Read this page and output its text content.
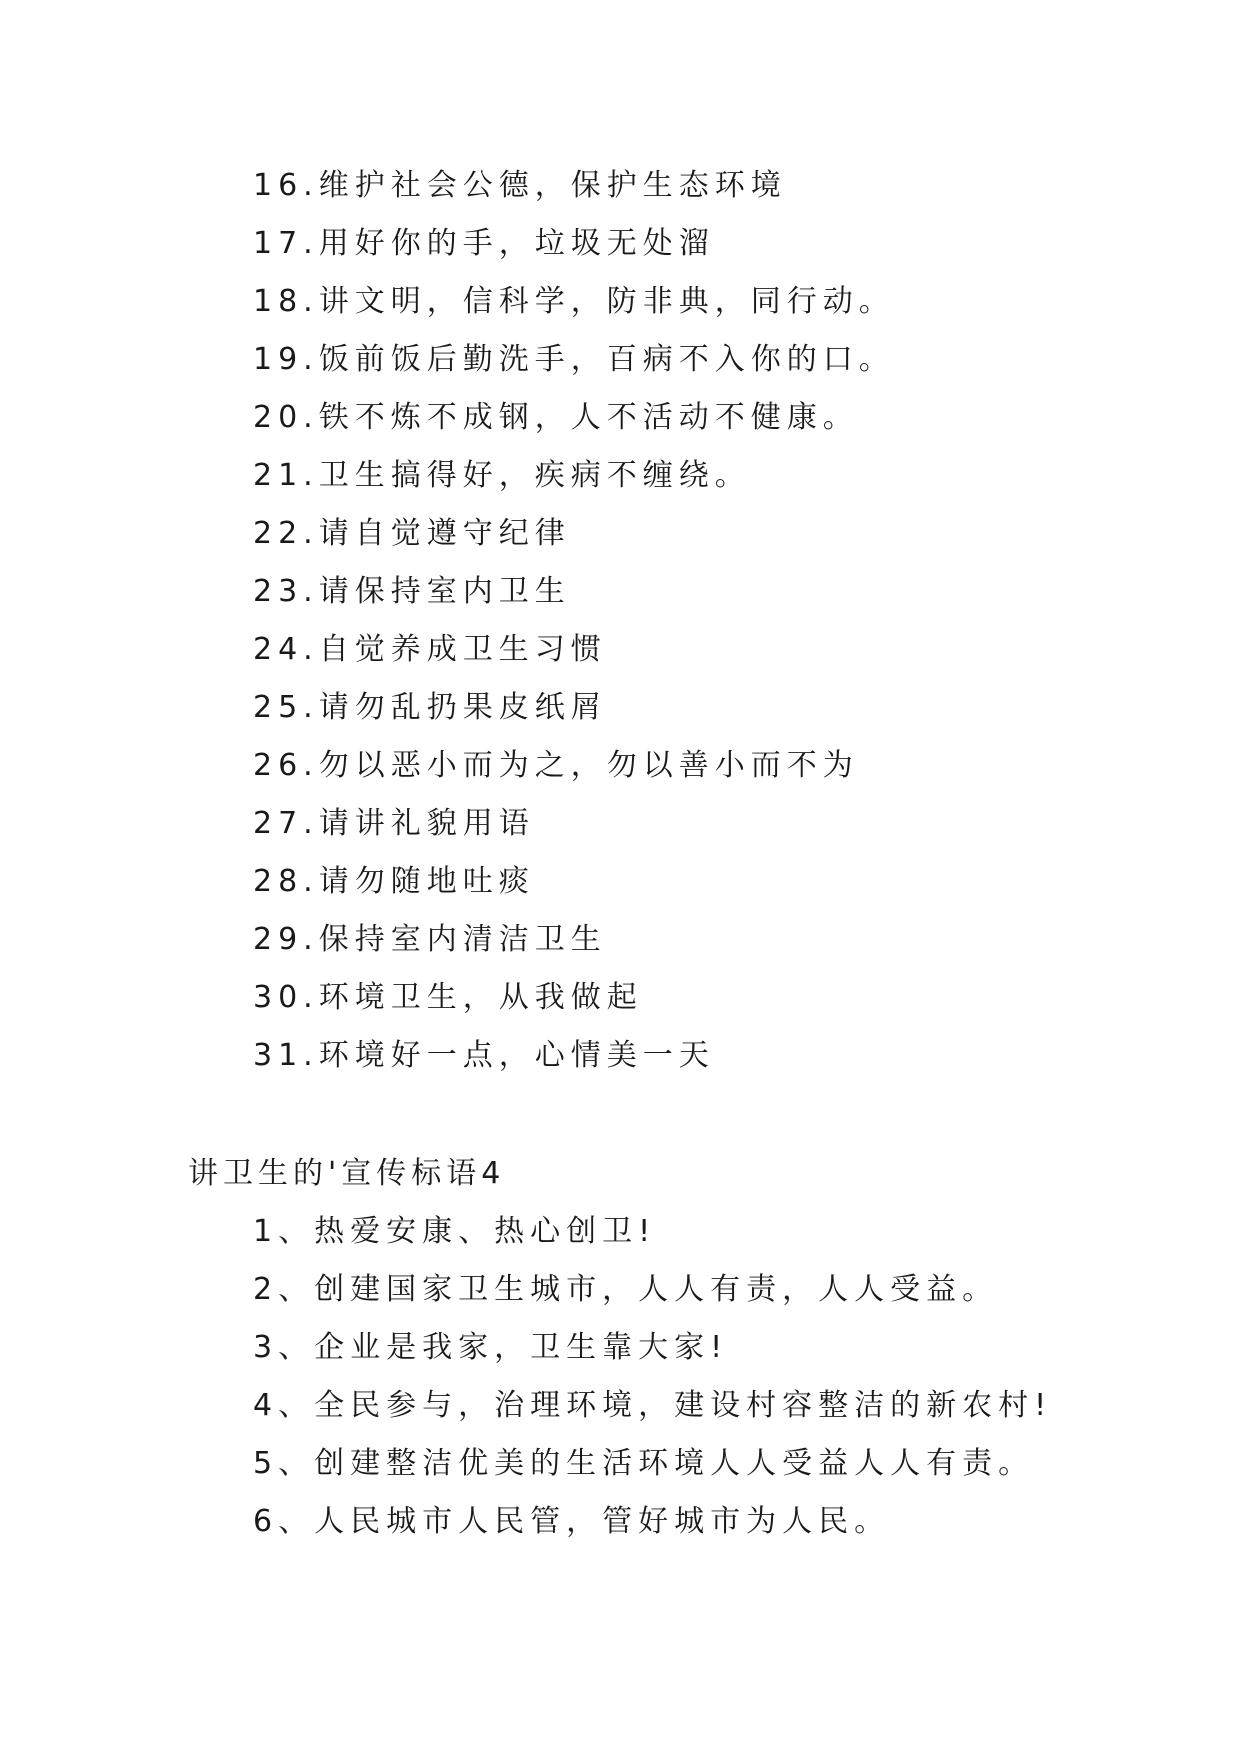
16.维护社会公德，保护生态环境
17.用好你的手，垃圾无处溜
18.讲文明，信科学，防非典，同行动。
19.饭前饭后勤洗手，百病不入你的口。
20.铁不炼不成钢，人不活动不健康。
21.卫生搞得好，疾病不缠绕。
22.请自觉遵守纪律
23.请保持室内卫生
24.自觉养成卫生习惯
25.请勿乱扔果皮纸屑
26.勿以恶小而为之，勿以善小而不为
27.请讲礼貌用语
28.请勿随地吐痰
29.保持室内清洁卫生
30.环境卫生，从我做起
31.环境好一点，心情美一天
讲卫生的'宣传标语4
1、热爱安康、热心创卫!
2、创建国家卫生城市，人人有责，人人受益。
3、企业是我家，卫生靠大家!
4、全民参与，治理环境，建设村容整洁的新农村!
5、创建整洁优美的生活环境人人受益人人有责。
6、人民城市人民管，管好城市为人民。
